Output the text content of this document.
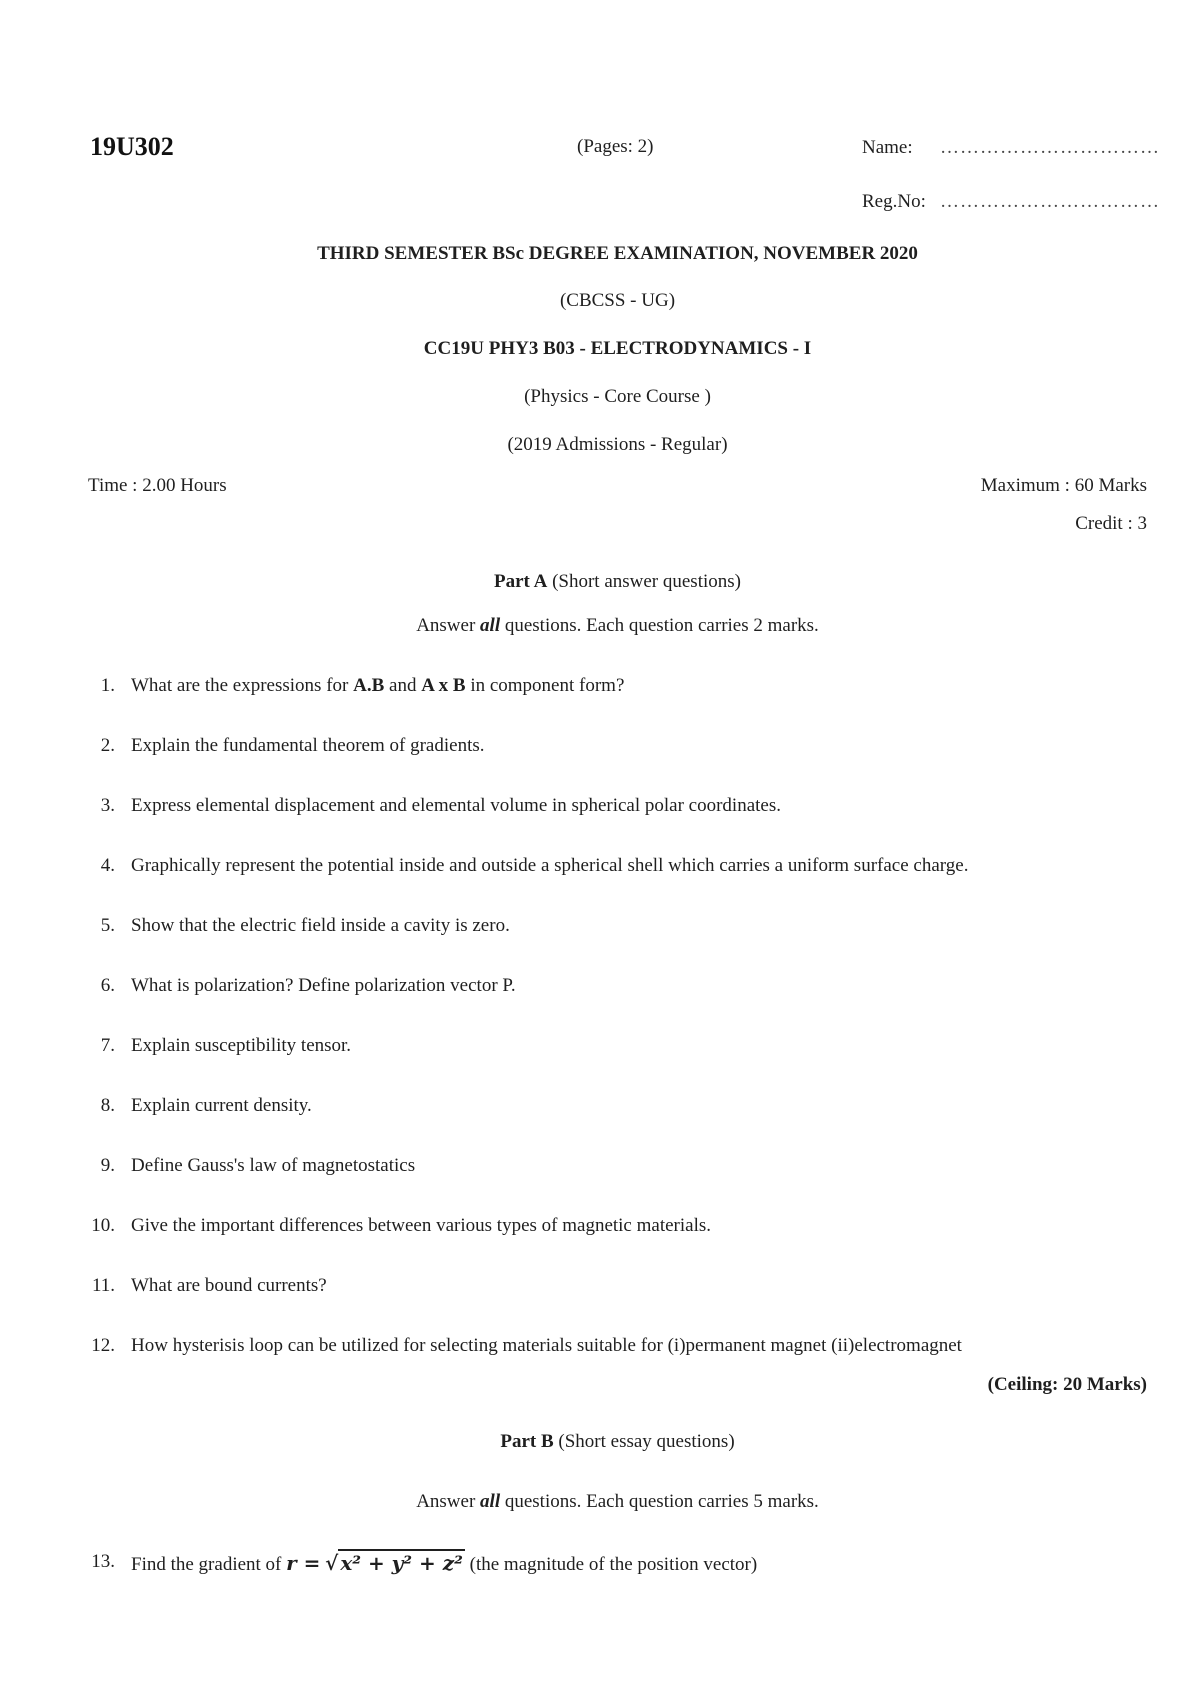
19U302	(Pages: 2)	Name: ……………………………
Reg.No: ……………………………
THIRD SEMESTER BSc DEGREE EXAMINATION, NOVEMBER 2020
(CBCSS - UG)
CC19U PHY3 B03 - ELECTRODYNAMICS - I
(Physics - Core Course )
(2019 Admissions - Regular)
Time : 2.00 Hours	Maximum : 60 Marks
Credit : 3
Part A (Short answer questions)
Answer all questions. Each question carries 2 marks.
1. What are the expressions for A.B and A x B in component form?
2. Explain the fundamental theorem of gradients.
3. Express elemental displacement and elemental volume in spherical polar coordinates.
4. Graphically represent the potential inside and outside a spherical shell which carries a uniform surface charge.
5. Show that the electric field inside a cavity is zero.
6. What is polarization? Define polarization vector P.
7. Explain susceptibility tensor.
8. Explain current density.
9. Define Gauss's law of magnetostatics
10. Give the important differences between various types of magnetic materials.
11. What are bound currents?
12. How hysterisis loop can be utilized for selecting materials suitable for (i)permanent magnet (ii)electromagnet
(Ceiling: 20 Marks)
Part B (Short essay questions)
Answer all questions. Each question carries 5 marks.
13. Find the gradient of r = √ x² + y² + z² (the magnitude of the position vector)
